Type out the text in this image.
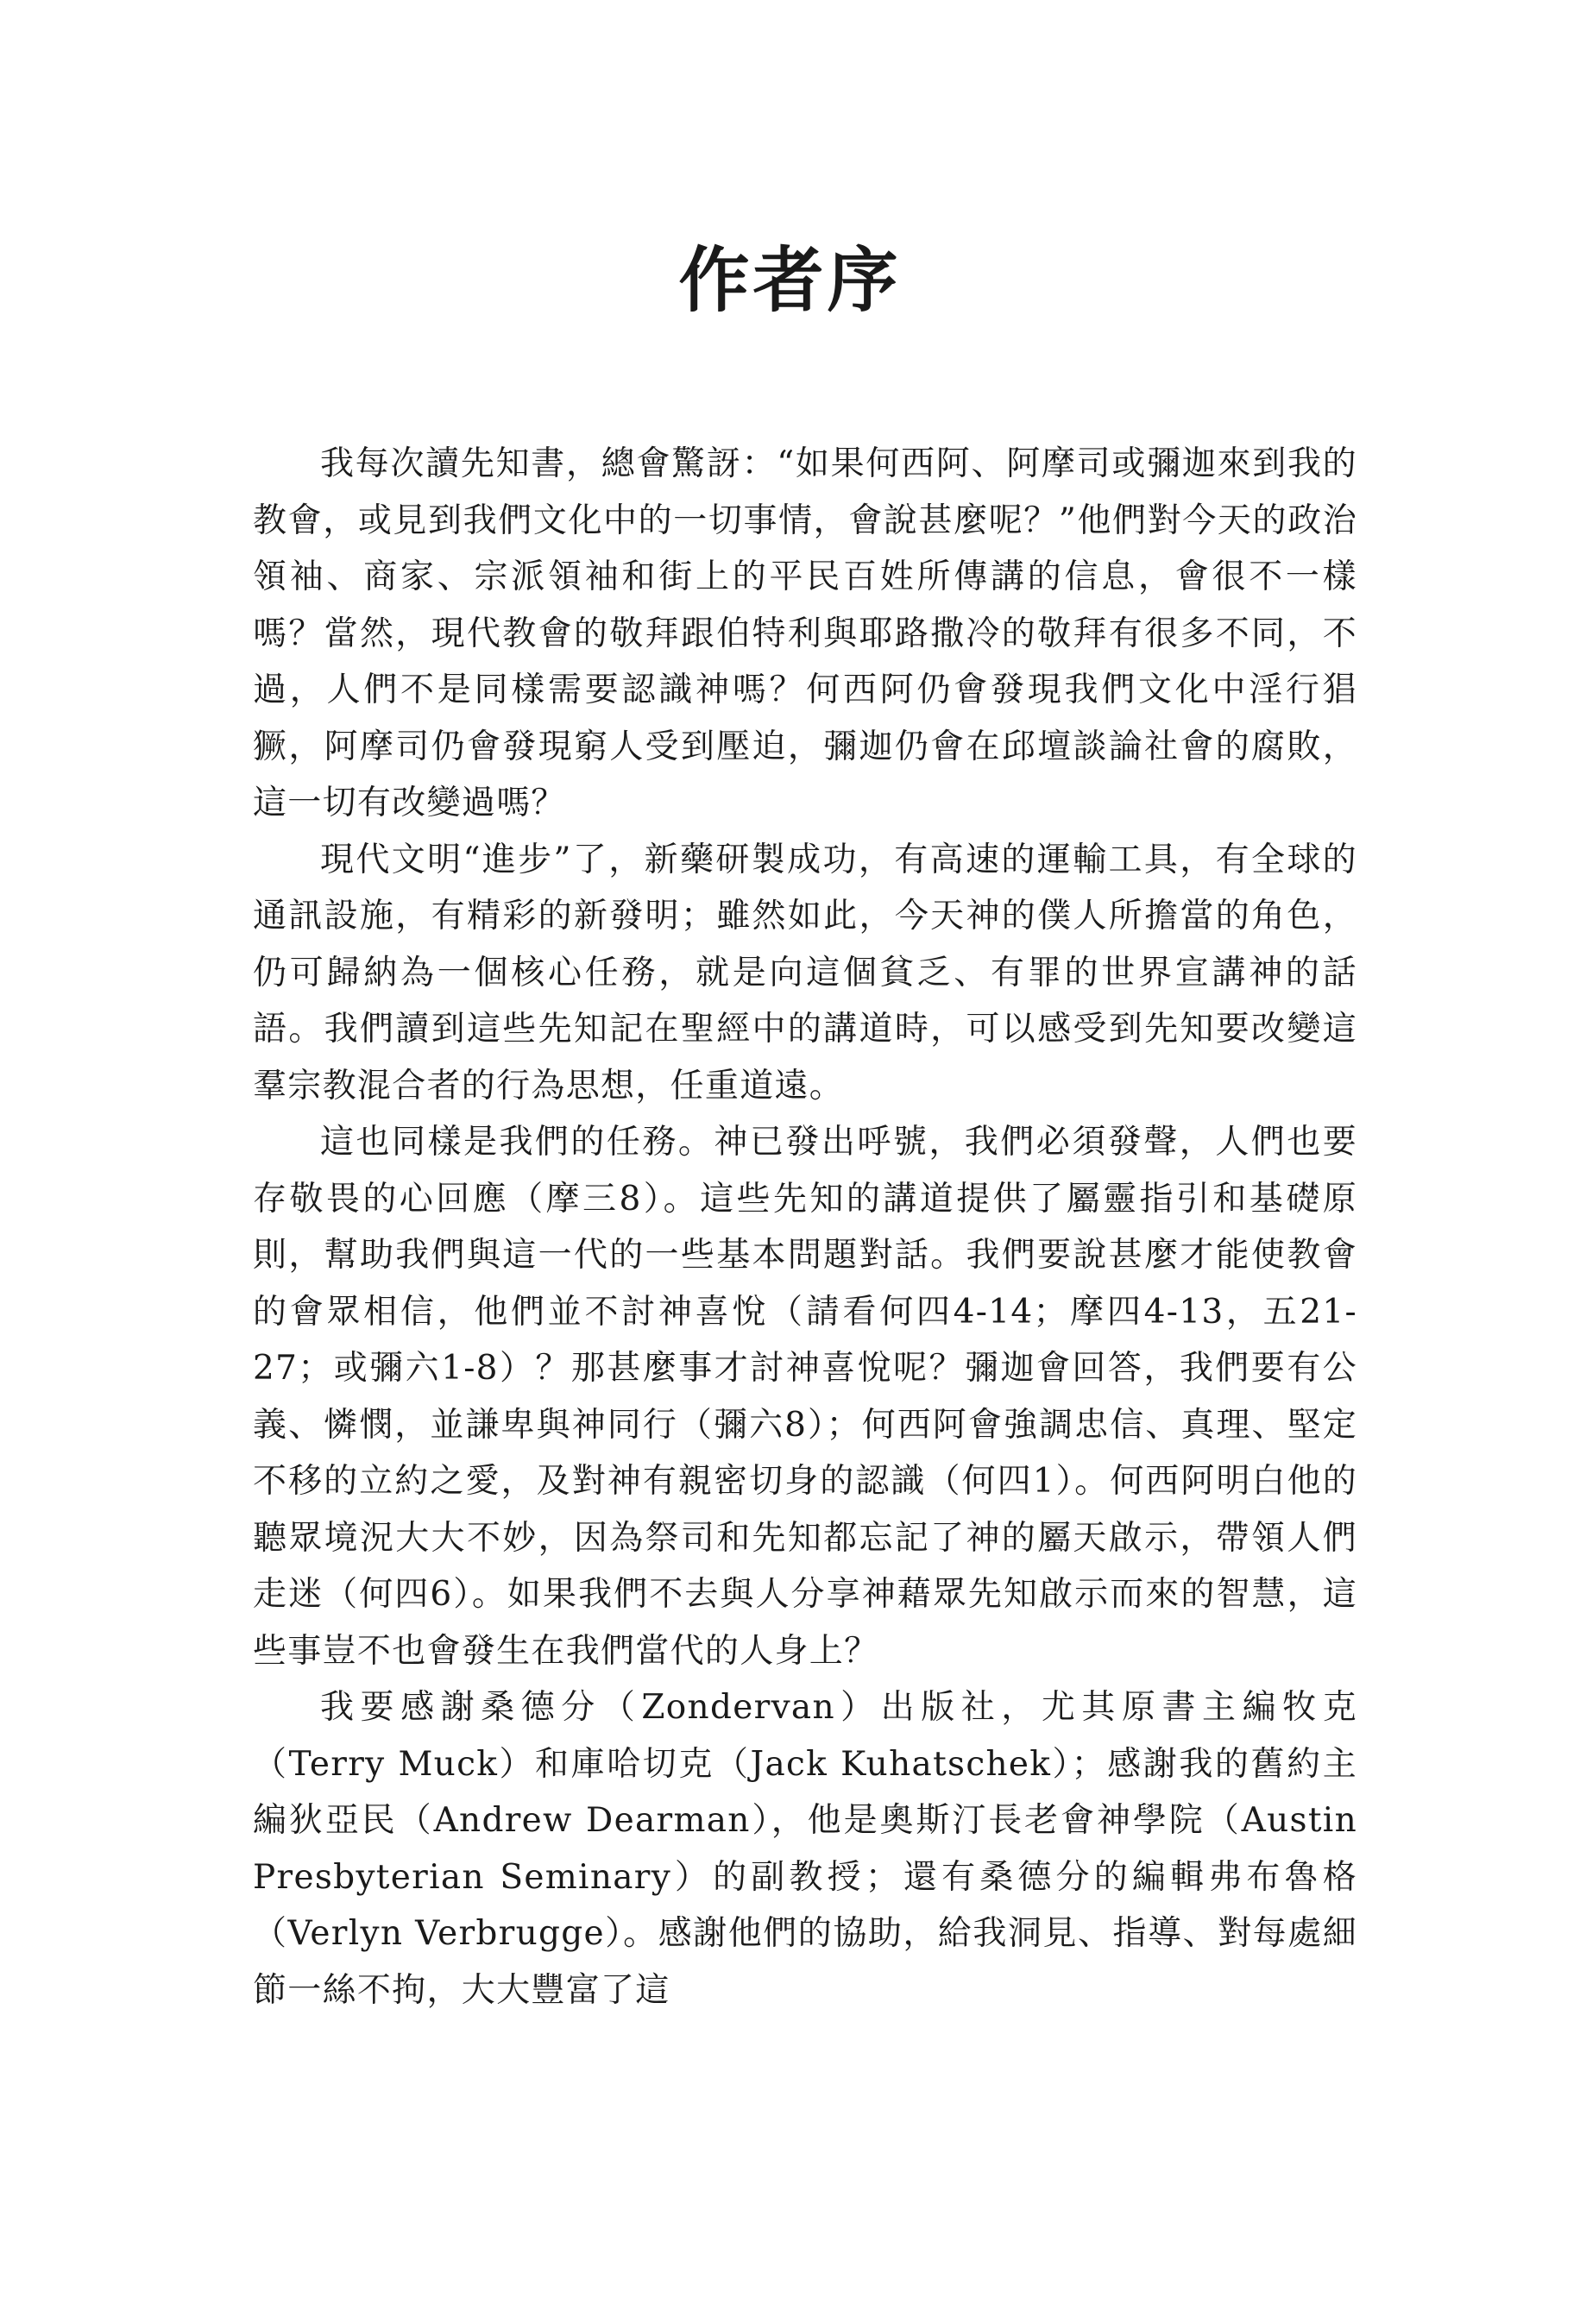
作者序

我每次讀先知書，總會驚訝：“如果何西阿、阿摩司或彌迦來到我的教會，或見到我們文化中的一切事情，會說甚麼呢？”他們對今天的政治領袖、商家、宗派領袖和街上的平民百姓所傳講的信息，會很不一樣嗎？當然，現代教會的敬拜跟伯特利與耶路撒冷的敬拜有很多不同，不過，人們不是同樣需要認識神嗎？何西阿仍會發現我們文化中淫行猖獗，阿摩司仍會發現窮人受到壓迫，彌迦仍會在邱壇談論社會的腐敗，這一切有改變過嗎？

現代文明“進步”了，新藥研製成功，有高速的運輸工具，有全球的通訊設施，有精彩的新發明；雖然如此，今天神的僕人所擔當的角色，仍可歸納為一個核心任務，就是向這個貧乏、有罪的世界宣講神的話語。我們讀到這些先知記在聖經中的講道時，可以感受到先知要改變這羣宗教混合者的行為思想，任重道遠。

這也同樣是我們的任務。神已發出呼號，我們必須發聲，人們也要存敬畏的心回應（摩三8）。這些先知的講道提供了屬靈指引和基礎原則，幫助我們與這一代的一些基本問題對話。我們要說甚麼才能使教會的會眾相信，他們並不討神喜悅（請看何四4-14；摩四4-13，五21-27；或彌六1-8）？那甚麼事才討神喜悅呢？彌迦會回答，我們要有公義、憐憫，並謙卑與神同行（彌六8）；何西阿會強調忠信、真理、堅定不移的立約之愛，及對神有親密切身的認識（何四1）。何西阿明白他的聽眾境況大大不妙，因為祭司和先知都忘記了神的屬天啟示，帶領人們走迷（何四6）。如果我們不去與人分享神藉眾先知啟示而來的智慧，這些事豈不也會發生在我們當代的人身上？

我要感謝桑德分（Zondervan）出版社，尤其原書主編牧克（Terry Muck）和庫哈切克（Jack Kuhatschek）；感謝我的舊約主編狄亞民（Andrew Dearman），他是奧斯汀長老會神學院（Austin Presbyterian Seminary）的副教授；還有桑德分的編輯弗布魯格（Verlyn Verbrugge）。感謝他們的協助，給我洞見、指導、對每處細節一絲不拘，大大豐富了這
